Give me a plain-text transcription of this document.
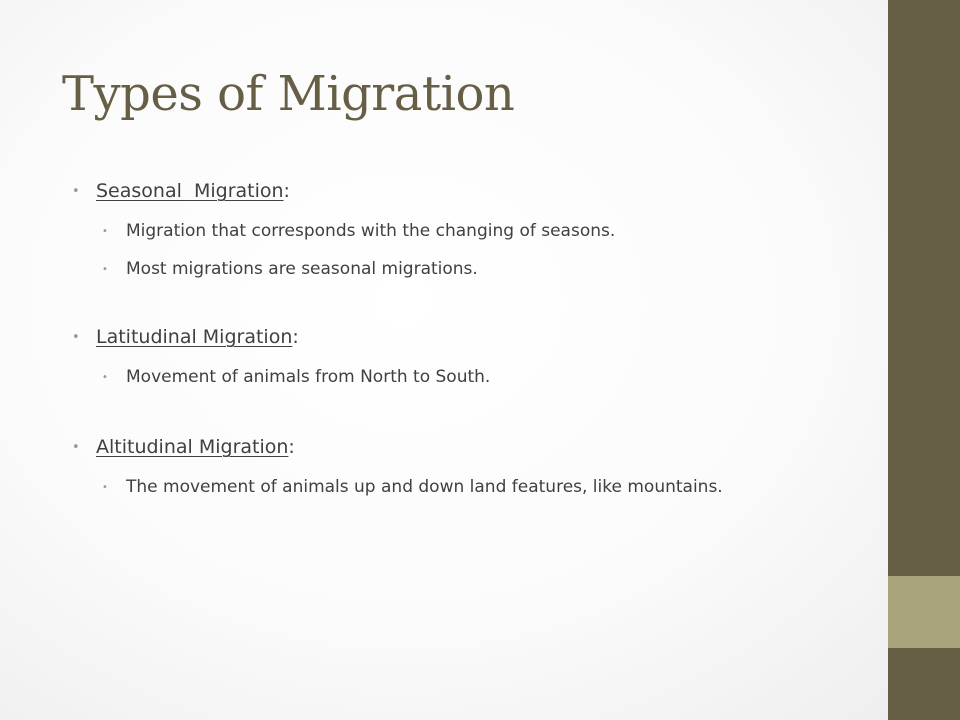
Types of Migration
• Seasonal  Migration:
• Migration that corresponds with the changing of seasons.
• Most migrations are seasonal migrations.
• Latitudinal Migration:
• Movement of animals from North to South.
• Altitudinal Migration:
• The movement of animals up and down land features, like mountains.
